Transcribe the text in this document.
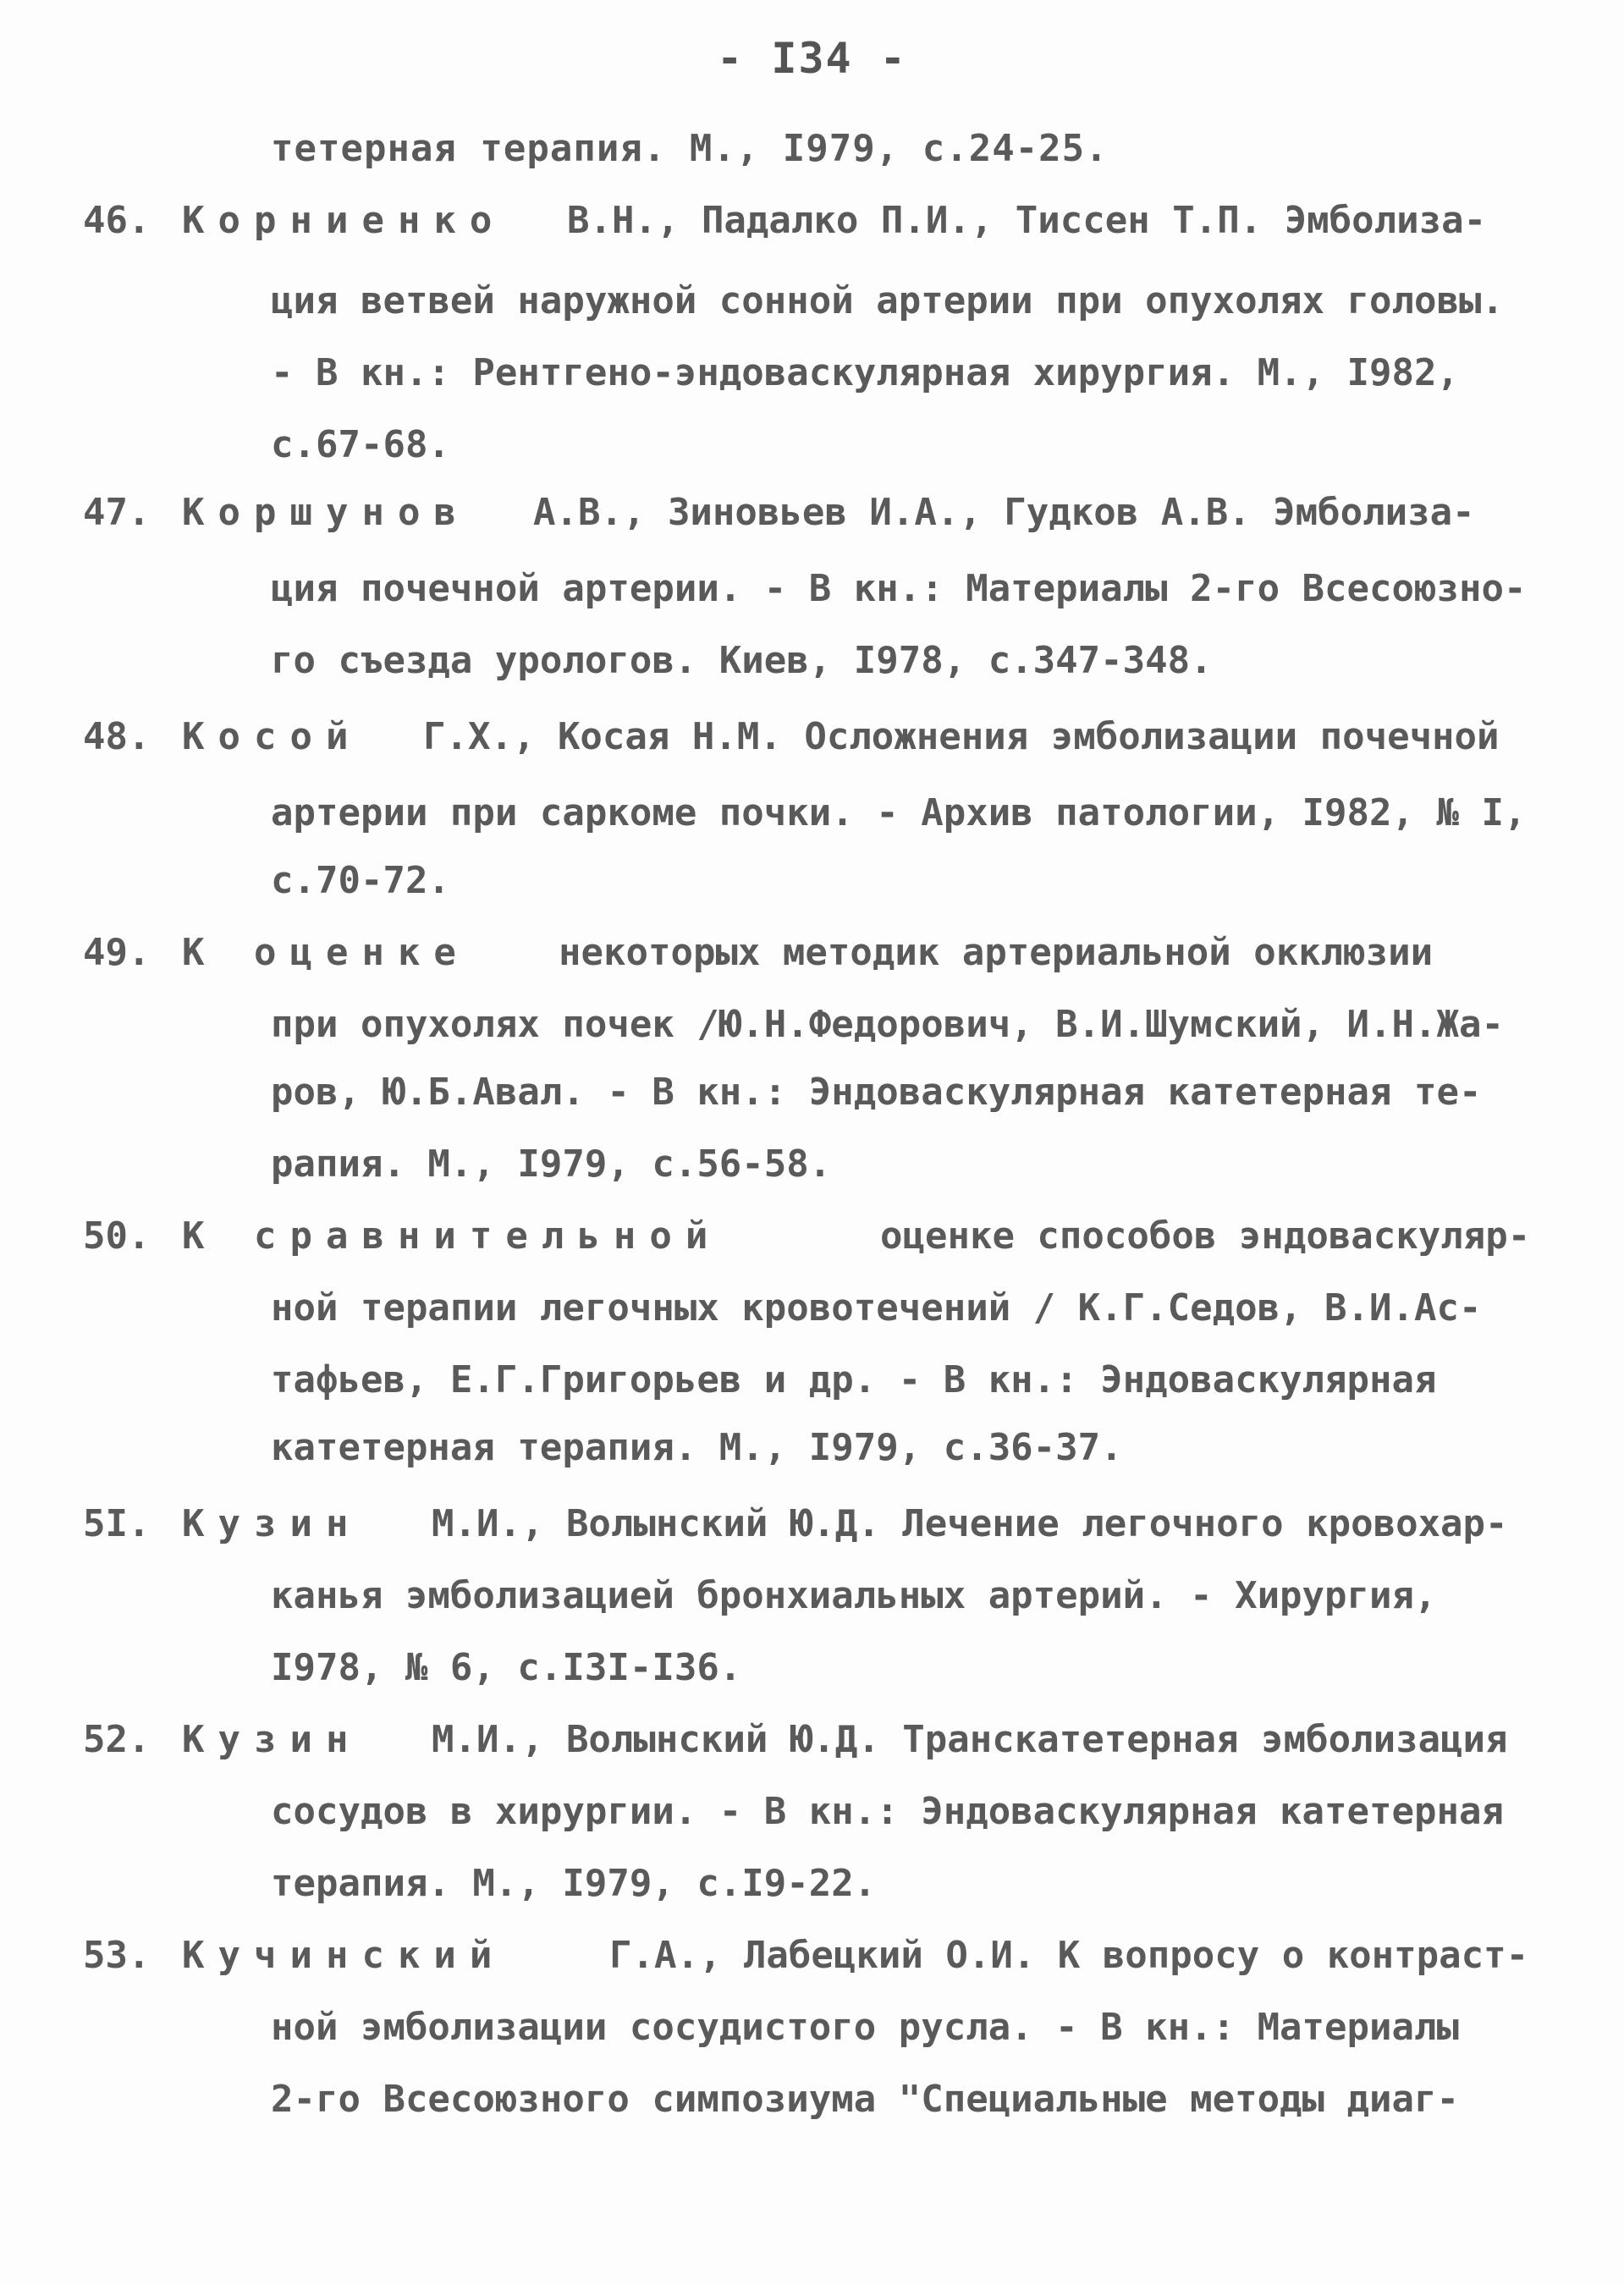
- I34 -
тетерная терапия. М., I979, с.24-25.
46. Корниенко В.Н., Падалко П.И., Тиссен Т.П. Эмболиза-
ция ветвей наружной сонной артерии при опухолях головы.
- В кн.: Рентгено-эндоваскулярная хирургия. М., I982,
с.67-68.
47. Коршунов А.В., Зиновьев И.А., Гудков А.В. Эмболиза-
ция почечной артерии. - В кн.: Материалы 2-го Всесоюзно-
го съезда урологов. Киев, I978, с.347-348.
48. Косой Г.Х., Косая Н.М. Осложнения эмболизации почечной
артерии при саркоме почки. - Архив патологии, I982, № I,
с.70-72.
49. К оценке некоторых методик артериальной окклюзии
при опухолях почек /Ю.Н.Федорович, В.И.Шумский, И.Н.Жа-
ров, Ю.Б.Авал. - В кн.: Эндоваскулярная катетерная те-
рапия. М., I979, с.56-58.
50. К сравнительной	оценке способов эндоваскуляр-
ной терапии легочных кровотечений / К.Г.Седов, В.И.Ас-
тафьев, Е.Г.Григорьев и др. - В кн.: Эндоваскулярная
катетерная терапия. М., I979, с.36-37.
5I. Кузин М.И., Волынский Ю.Д. Лечение легочного кровохар-
канья эмболизацией бронхиальных артерий. - Хирургия,
I978, № 6, с.I3I-I36.
52. Кузин М.И., Волынский Ю.Д. Транскатетерная эмболизация
сосудов в хирургии. - В кн.: Эндоваскулярная катетерная
терапия. М., I979, с.I9-22.
53. Кучинский	Г.А., Лабецкий О.И. К вопросу о контраст-
ной эмболизации сосудистого русла. - В кн.: Материалы
2-го Всесоюзного симпозиума "Специальные методы диаг-
